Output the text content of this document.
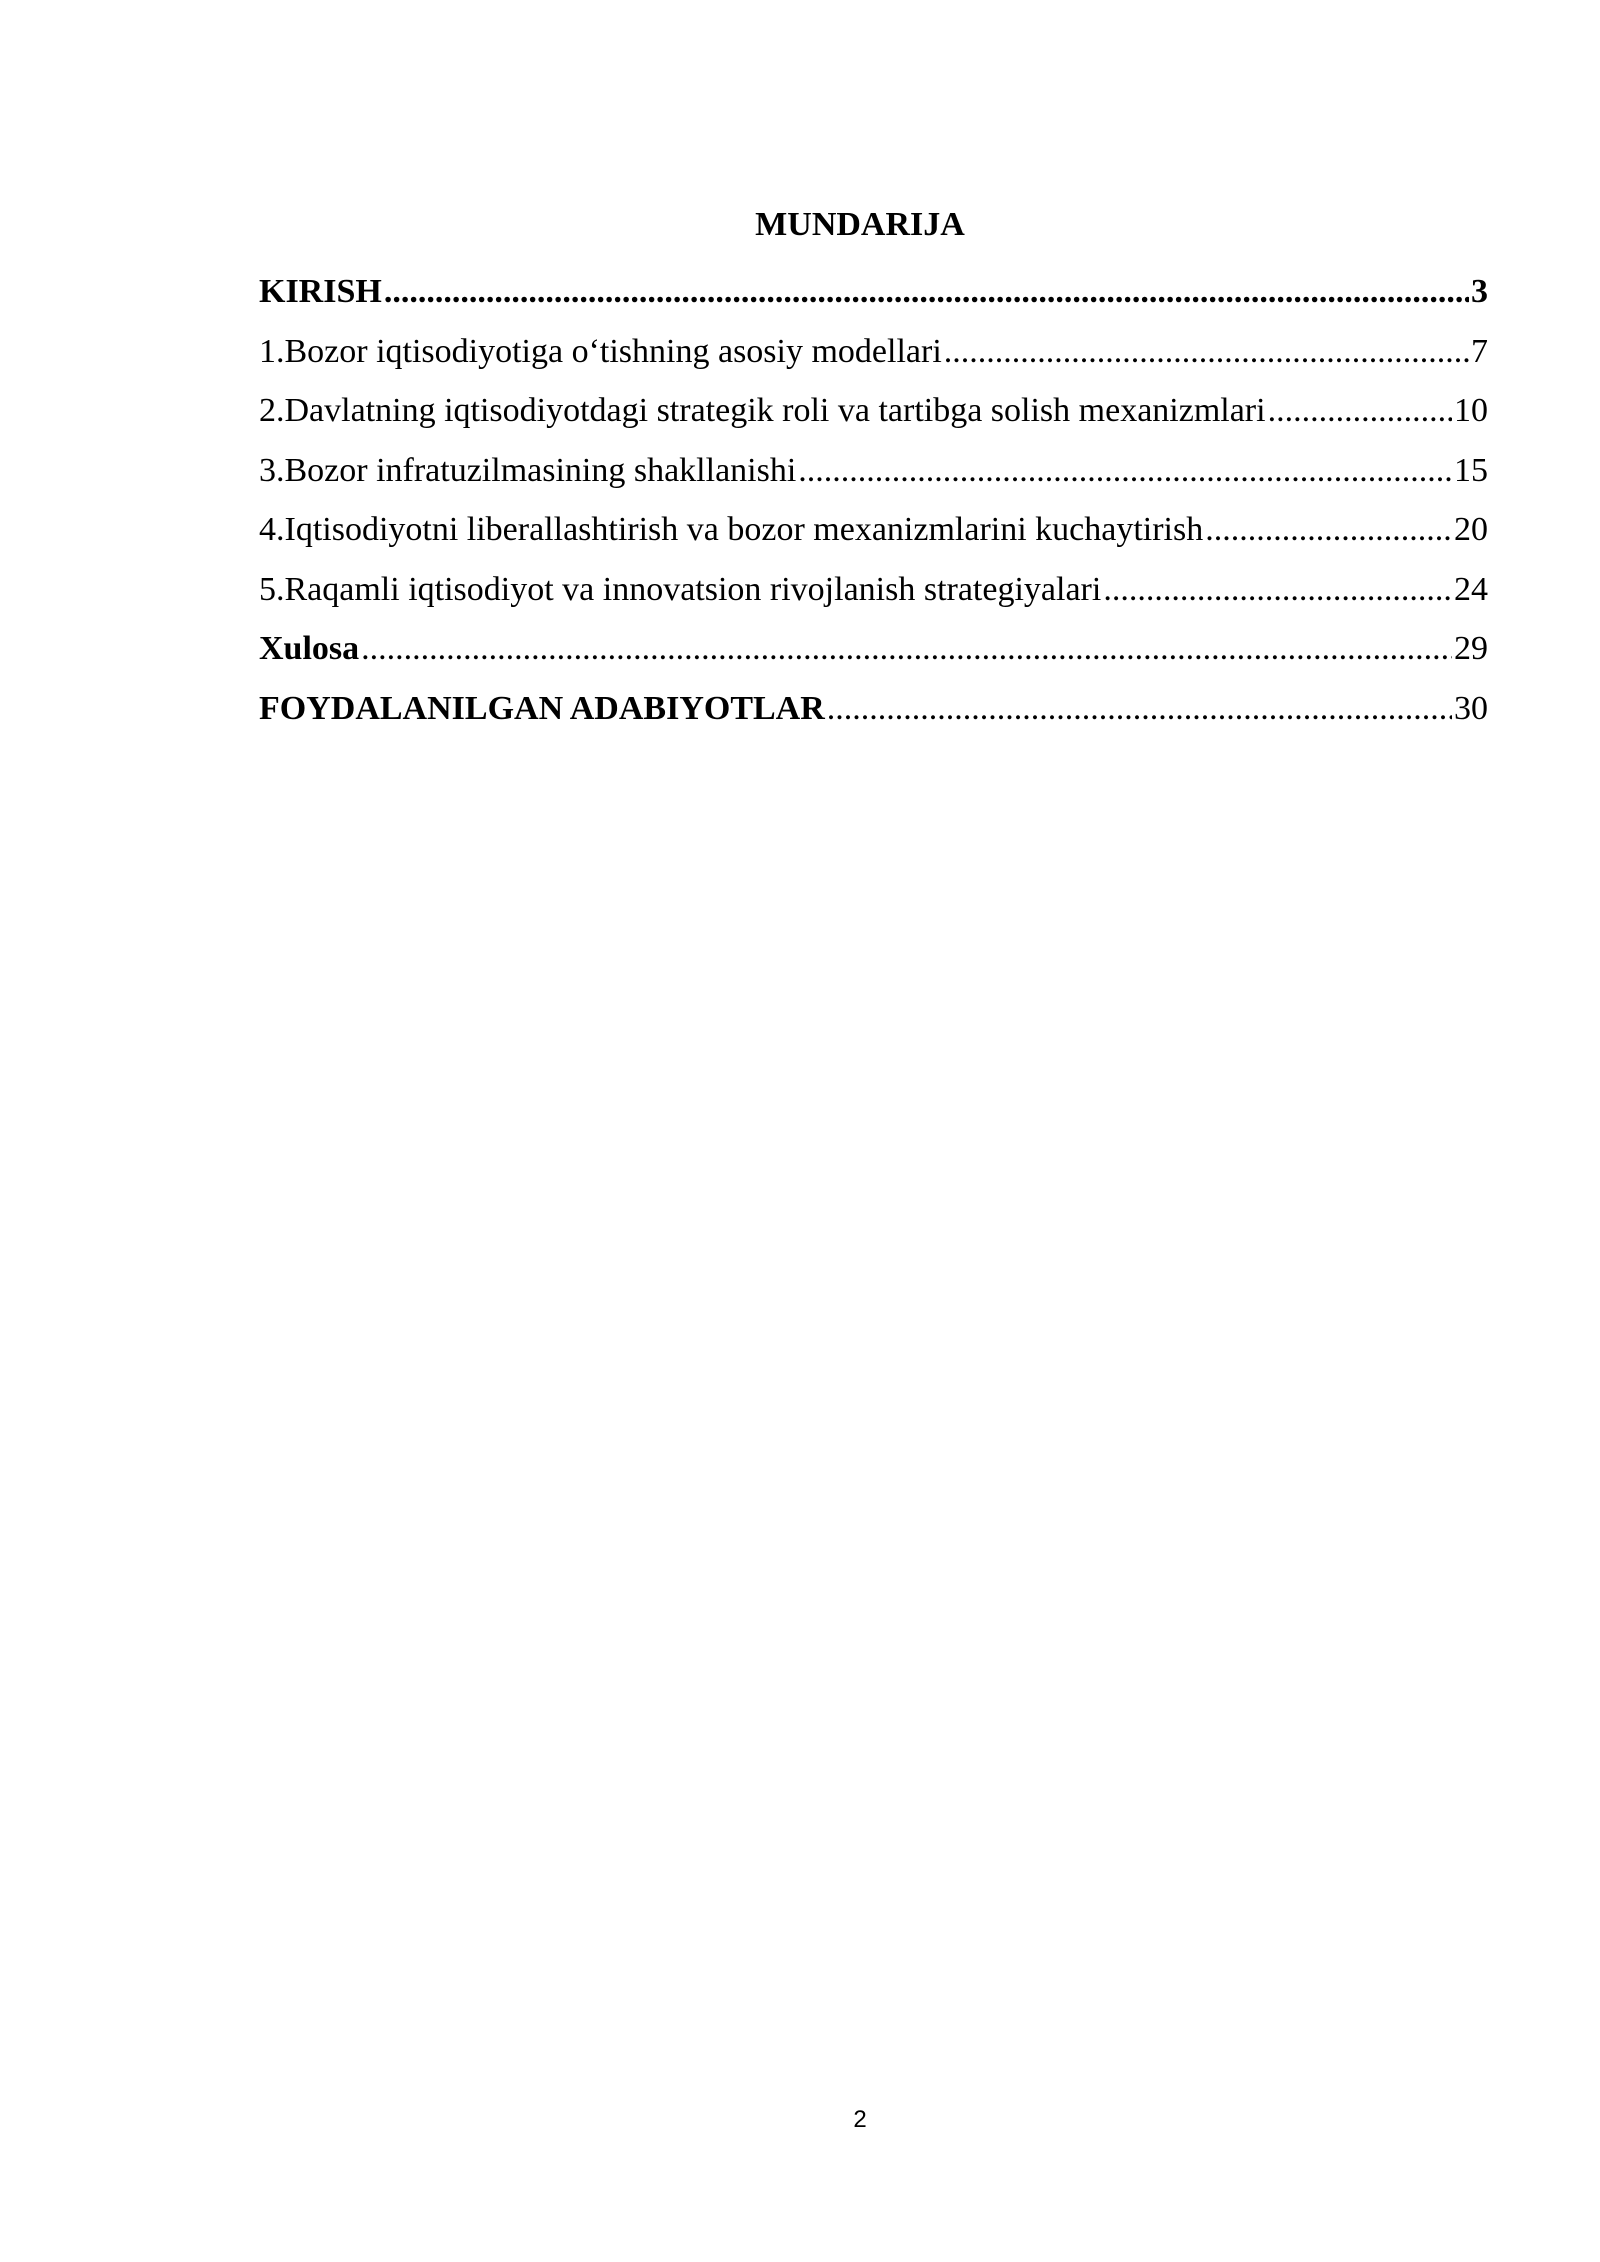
MUNDARIJA
KIRISH .....	3
1.Bozor iqtisodiyotiga o‘tishning asosiy modellari .....	7
2.Davlatning iqtisodiyotdagi strategik roli va tartibga solish mexanizmlari .....	10
3.Bozor infratuzilmasining shakllanishi .....	15
4.Iqtisodiyotni liberallashtirish va bozor mexanizmlarini kuchaytirish .....	20
5.Raqamli iqtisodiyot va innovatsion rivojlanish strategiyalari .....	24
Xulosa .....	29
FOYDALANILGAN ADABIYOTLAR .....	30
2
